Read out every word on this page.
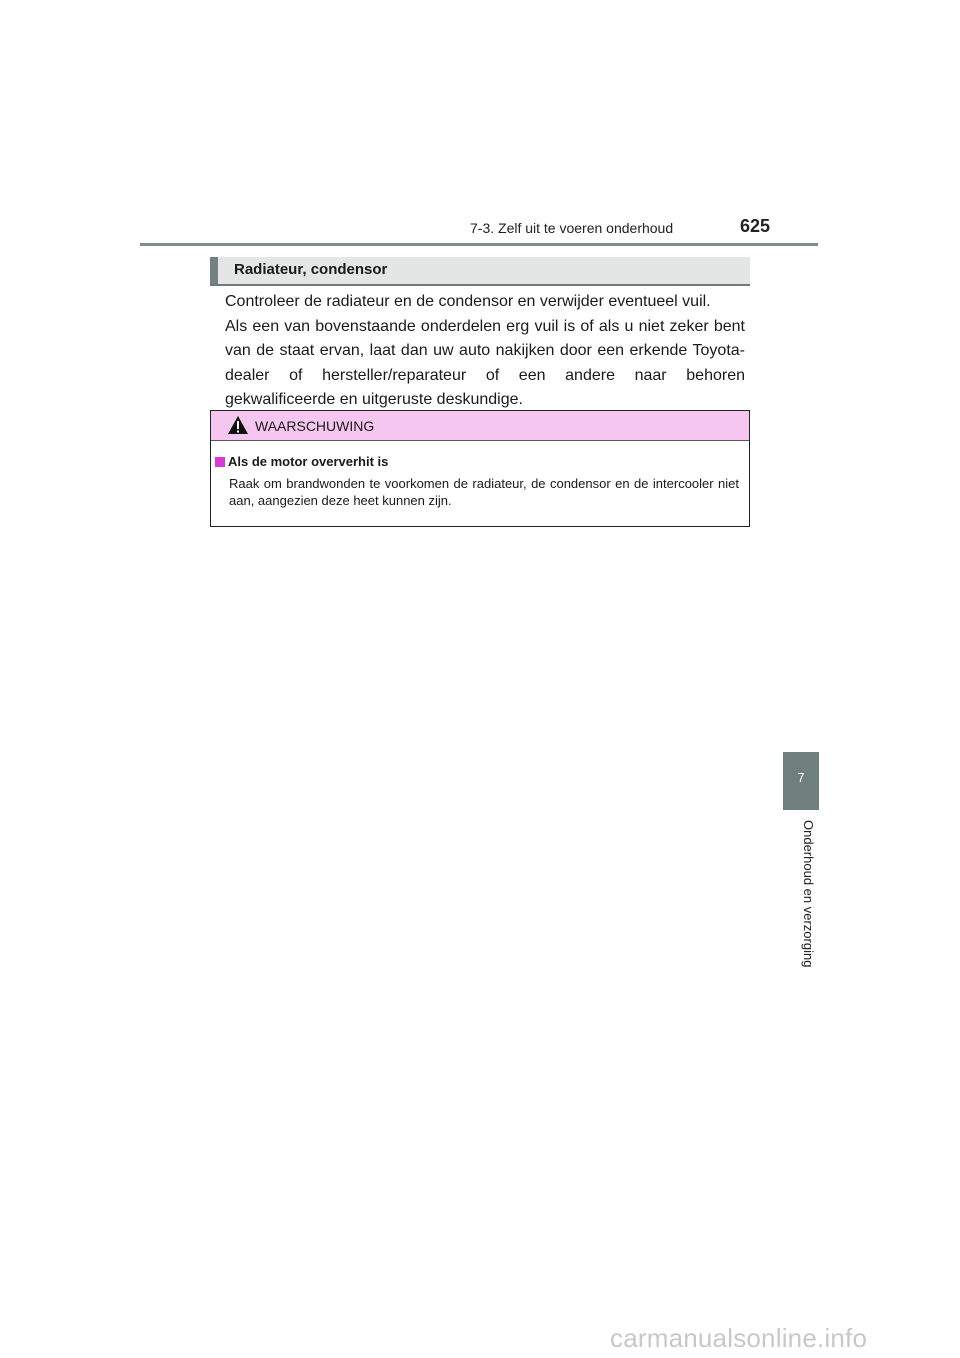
7-3. Zelf uit te voeren onderhoud	625
Radiateur, condensor

Controleer de radiateur en de condensor en verwijder eventueel vuil.

Als een van bovenstaande onderdelen erg vuil is of als u niet zeker bent van de staat ervan, laat dan uw auto nakijken door een erkende Toyota-dealer of hersteller/reparateur of een andere naar behoren gekwalificeerde en uitgeruste deskundige.

WAARSCHUWING
Als de motor oververhit is
Raak om brandwonden te voorkomen de radiateur, de condensor en de intercooler niet aan, aangezien deze heet kunnen zijn.
7
Onderhoud en verzorging
carmanualsonline.info
